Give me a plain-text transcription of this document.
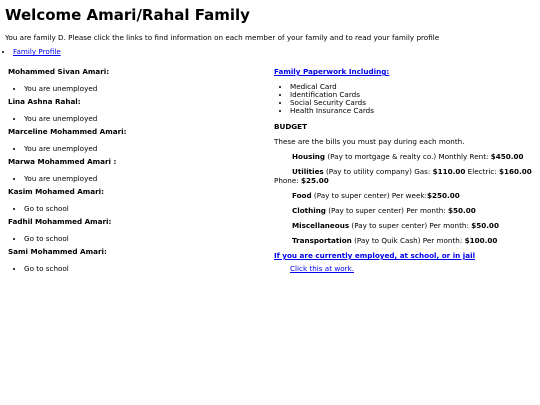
Welcome Amari/Rahal Family

You are family D. Please click the links to find information on each member of your family and to read your family profile

• Family Profile

Mohammed Sivan Amari:

• You are unemployed

Lina Ashna Rahal:

• You are unemployed

Marceline Mohammed Amari:

• You are unemployed

Marwa Mohammed Amari :

• You are unemployed

Kasim Mohamed Amari:

• Go to school

Fadhil Mohammed Amari:

• Go to school

Sami Mohammed Amari:

• Go to school
Family Paperwork Including:
• Medical Card
• Identification Cards
• Social Security Cards
• Health Insurance Cards

BUDGET

These are the bills you must pay during each month.

Housing (Pay to mortgage & realty co.) Monthly Rent: $450.00

Utilities (Pay to utility company) Gas: $110.00 Electric: $160.00

Phone: $25.00

Food (Pay to super center) Per week:$250.00

Clothing (Pay to super center) Per month: $50.00

Miscellaneous (Pay to super center) Per month: $50.00

Transportation (Pay to Quik Cash) Per month: $100.00

If you are currently employed, at school, or in jail
Click this at work.
